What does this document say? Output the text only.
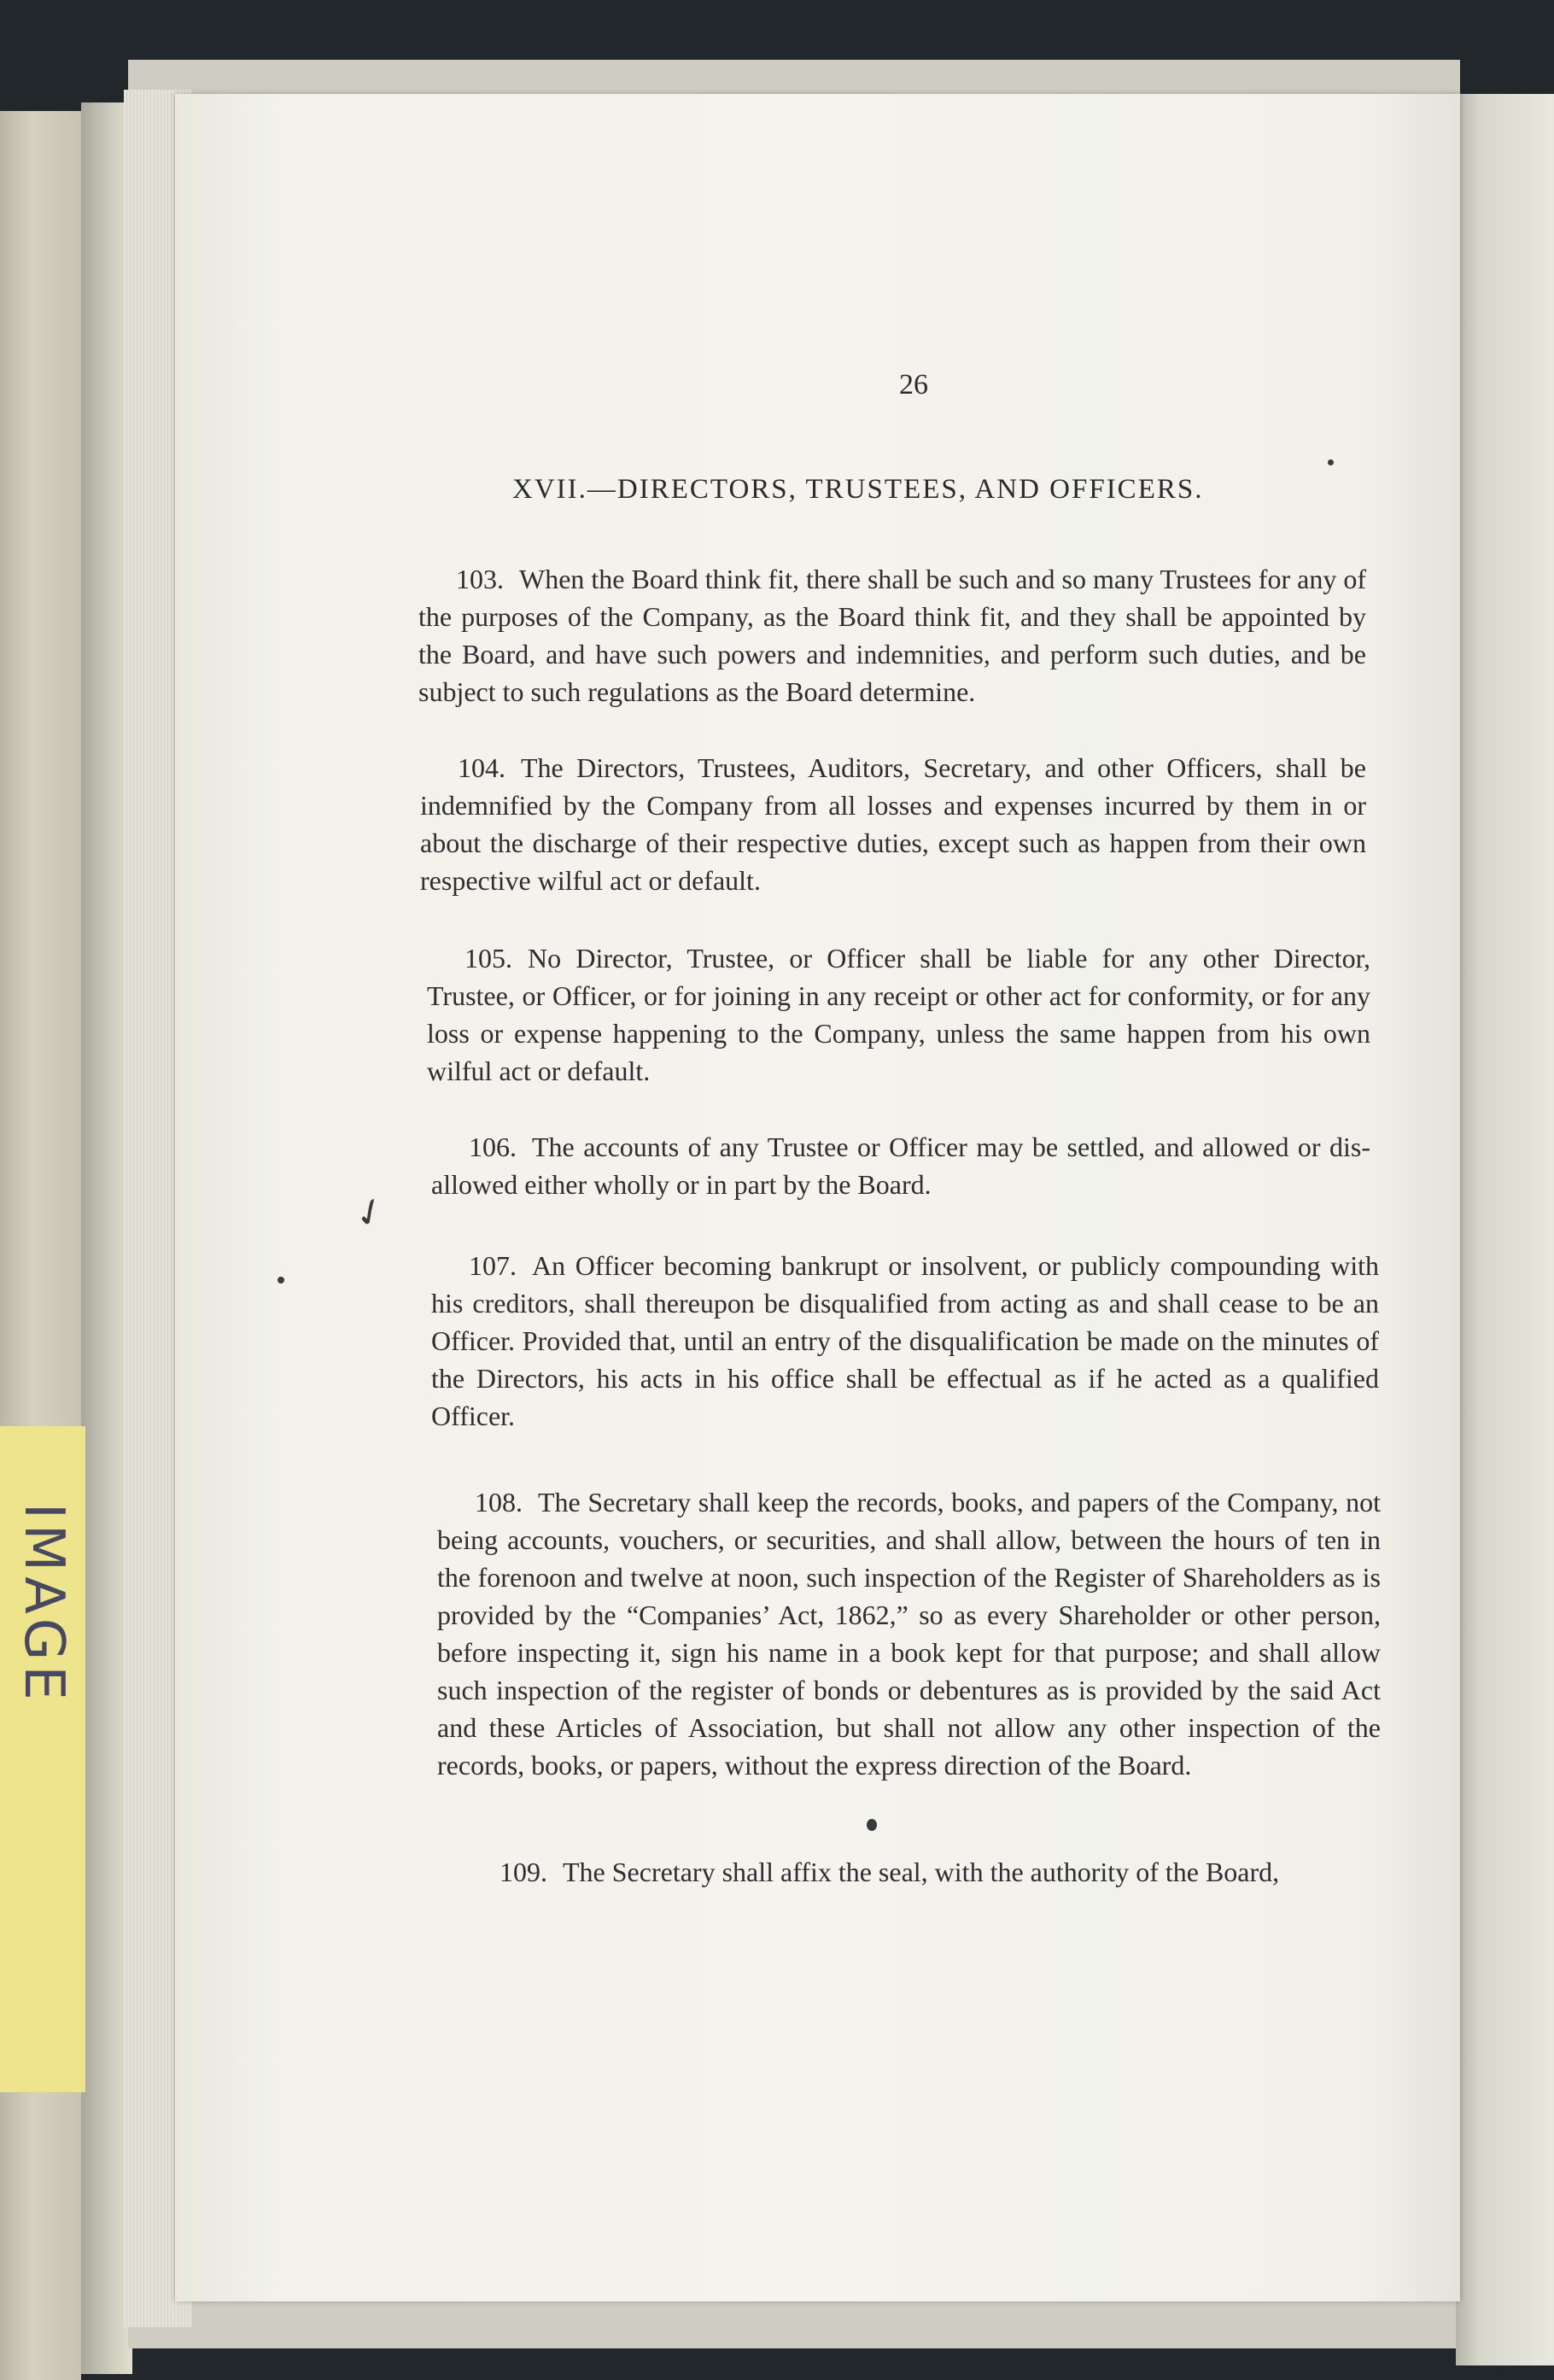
26
XVII.—DIRECTORS, TRUSTEES, AND OFFICERS.
103. When the Board think fit, there shall be such and so many Trustees for any of the purposes of the Company, as the Board think fit, and they shall be appointed by the Board, and have such powers and indemnities, and perform such duties, and be subject to such regulations as the Board determine.
104. The Directors, Trustees, Auditors, Secretary, and other Officers, shall be indemnified by the Company from all losses and expenses incurred by them in or about the discharge of their respective duties, except such as happen from their own respective wilful act or default.
105. No Director, Trustee, or Officer shall be liable for any other Director, Trustee, or Officer, or for joining in any receipt or other act for conformity, or for any loss or expense happening to the Company, unless the same happen from his own wilful act or default.
106. The accounts of any Trustee or Officer may be settled, and allowed or dis-allowed either wholly or in part by the Board.
107. An Officer becoming bankrupt or insolvent, or publicly compounding with his creditors, shall thereupon be disqualified from acting as and shall cease to be an Officer. Provided that, until an entry of the disqualification be made on the minutes of the Directors, his acts in his office shall be effectual as if he acted as a qualified Officer.
108. The Secretary shall keep the records, books, and papers of the Company, not being accounts, vouchers, or securities, and shall allow, between the hours of ten in the forenoon and twelve at noon, such inspection of the Register of Shareholders as is provided by the “Companies’ Act, 1862,” so as every Shareholder or other person, before inspecting it, sign his name in a book kept for that purpose; and shall allow such inspection of the register of bonds or debentures as is provided by the said Act and these Articles of Association, but shall not allow any other inspection of the records, books, or papers, without the express direction of the Board.
109. The Secretary shall affix the seal, with the authority of the Board,
✓
